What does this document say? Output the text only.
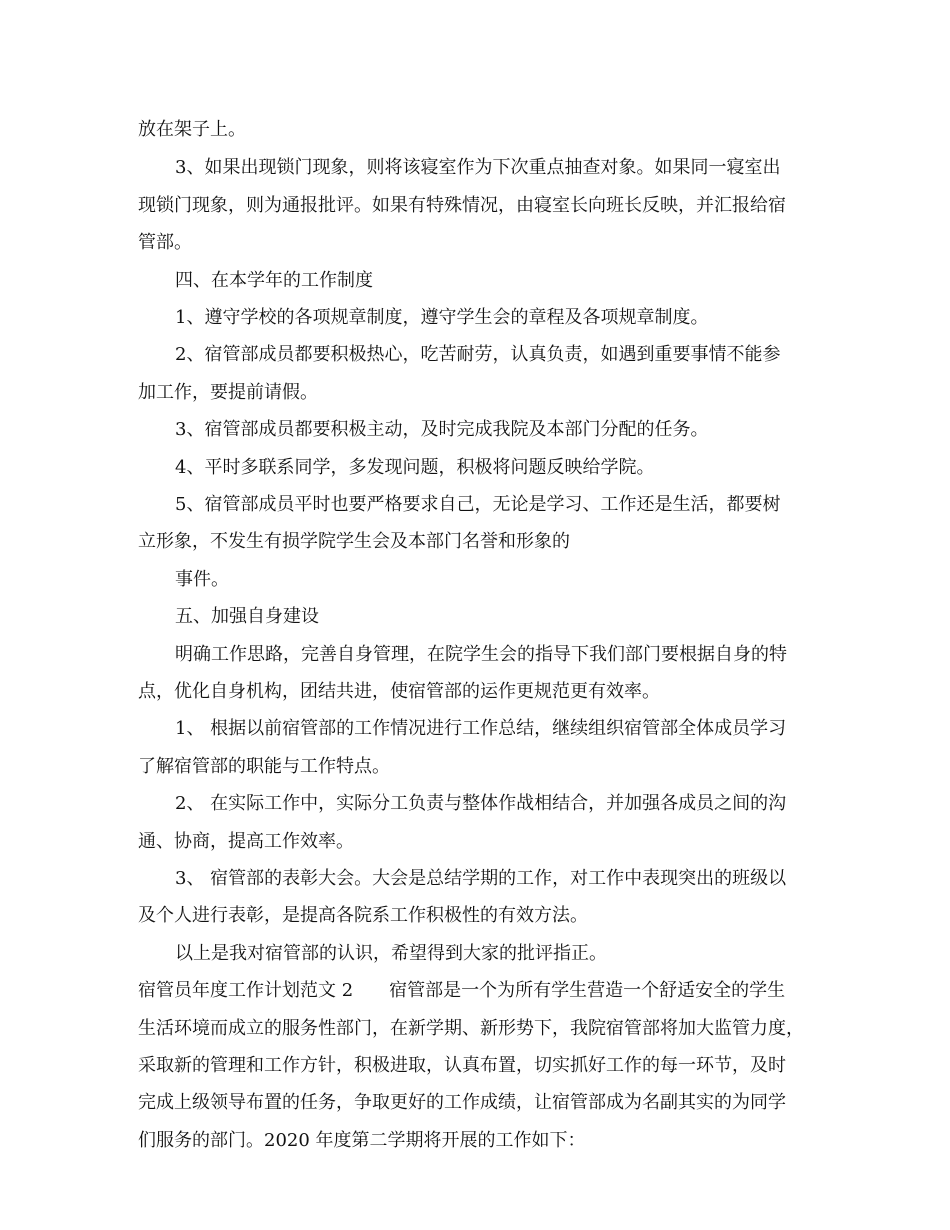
放在架子上。
3、如果出现锁门现象，则将该寝室作为下次重点抽查对象。如果同一寝室出
现锁门现象，则为通报批评。如果有特殊情况，由寝室长向班长反映，并汇报给宿
管部。
四、在本学年的工作制度
1、遵守学校的各项规章制度，遵守学生会的章程及各项规章制度。
2、宿管部成员都要积极热心，吃苦耐劳，认真负责，如遇到重要事情不能参
加工作，要提前请假。
3、宿管部成员都要积极主动，及时完成我院及本部门分配的任务。
4、平时多联系同学，多发现问题，积极将问题反映给学院。
5、宿管部成员平时也要严格要求自己，无论是学习、工作还是生活，都要树
立形象，不发生有损学院学生会及本部门名誉和形象的
事件。
五、加强自身建设
明确工作思路，完善自身管理，在院学生会的指导下我们部门要根据自身的特
点，优化自身机构，团结共进，使宿管部的运作更规范更有效率。
1、 根据以前宿管部的工作情况进行工作总结，继续组织宿管部全体成员学习
了解宿管部的职能与工作特点。
2、 在实际工作中，实际分工负责与整体作战相结合，并加强各成员之间的沟
通、协商，提高工作效率。
3、 宿管部的表彰大会。大会是总结学期的工作，对工作中表现突出的班级以
及个人进行表彰，是提高各院系工作积极性的有效方法。
以上是我对宿管部的认识，希望得到大家的批评指正。
宿管员年度工作计划范文 2　　宿管部是一个为所有学生营造一个舒适安全的学生
生活环境而成立的服务性部门，在新学期、新形势下，我院宿管部将加大监管力度，
采取新的管理和工作方针，积极进取，认真布置，切实抓好工作的每一环节，及时
完成上级领导布置的任务，争取更好的工作成绩，让宿管部成为名副其实的为同学
们服务的部门。2020 年度第二学期将开展的工作如下：
